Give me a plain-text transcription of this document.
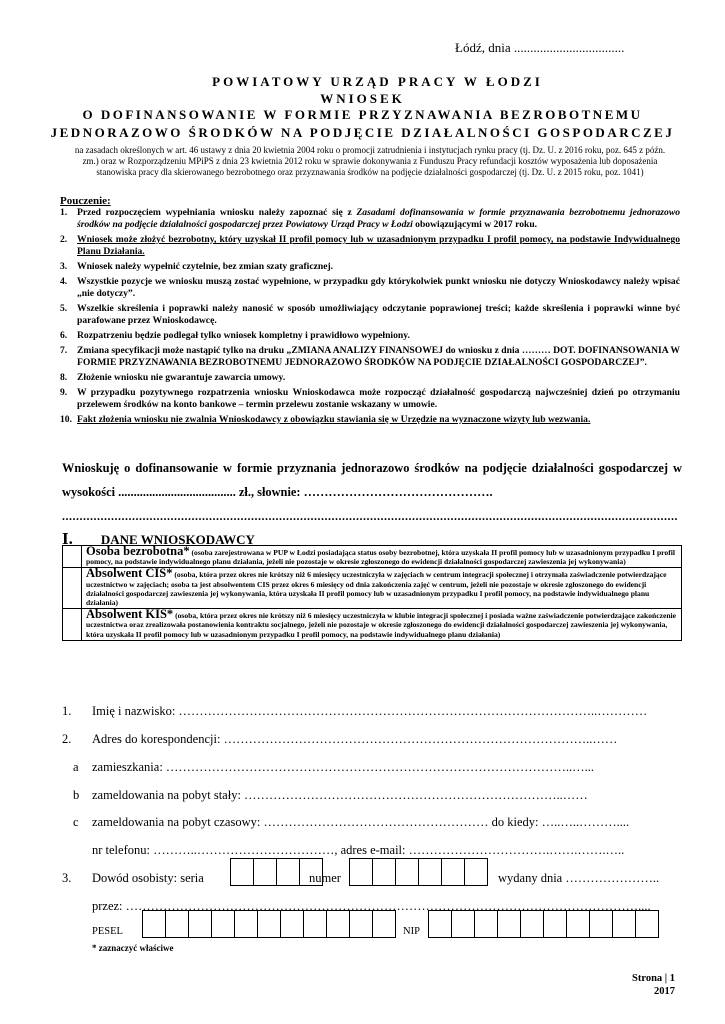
Łódź, dnia ..................................
POWIATOWY URZĄD PRACY W ŁODZI
WNIOSEK
O DOFINANSOWANIE W FORMIE PRZYZNAWANIA BEZROBOTNEMU
JEDNORAZOWO ŚRODKÓW NA PODJĘCIE DZIAŁALNOŚCI GOSPODARCZEJ
na zasadach określonych w art. 46 ustawy z dnia 20 kwietnia 2004 roku o promocji zatrudnienia i instytucjach rynku pracy (tj. Dz. U. z 2016 roku, poz. 645 z późn. zm.) oraz w Rozporządzeniu MPiPS z dnia 23 kwietnia 2012 roku w sprawie dokonywania z Funduszu Pracy refundacji kosztów wyposażenia lub doposażenia stanowiska pracy dla skierowanego bezrobotnego oraz przyznawania środków na podjęcie działalności gospodarczej (tj. Dz. U. z 2015 roku, poz. 1041)
Pouczenie:
1. Przed rozpoczęciem wypełniania wniosku należy zapoznać się z Zasadami dofinansowania w formie przyznawania bezrobotnemu jednorazowo środków na podjęcie działalności gospodarczej przez Powiatowy Urząd Pracy w Łodzi obowiązującymi w 2017 roku.
2. Wniosek może złożyć bezrobotny, który uzyskał II profil pomocy lub w uzasadnionym przypadku I profil pomocy, na podstawie Indywidualnego Planu Działania.
3. Wniosek należy wypełnić czytelnie, bez zmian szaty graficznej.
4. Wszystkie pozycje we wniosku muszą zostać wypełnione, w przypadku gdy którykolwiek punkt wniosku nie dotyczy Wnioskodawcy należy wpisać „nie dotyczy”.
5. Wszelkie skreślenia i poprawki należy nanosić w sposób umożliwiający odczytanie poprawionej treści; każde skreślenia i poprawki winne być parafowane przez Wnioskodawcę.
6. Rozpatrzeniu będzie podlegał tylko wniosek kompletny i prawidłowo wypełniony.
7. Zmiana specyfikacji może nastąpić tylko na druku „ZMIANA ANALIZY FINANSOWEJ do wniosku z dnia ……… DOT. DOFINANSOWANIA W FORMIE PRZYZNAWANIA BEZROBOTNEMU JEDNORAZOWO ŚRODKÓW NA PODJĘCIE DZIAŁALNOŚCI GOSPODARCZEJ”.
8. Złożenie wniosku nie gwarantuje zawarcia umowy.
9. W przypadku pozytywnego rozpatrzenia wniosku Wnioskodawca może rozpocząć działalność gospodarczą najwcześniej dzień po otrzymaniu przelewem środków na konto bankowe – termin przelewu zostanie wskazany w umowie.
10. Fakt złożenia wniosku nie zwalnia Wnioskodawcy z obowiązku stawiania się w Urzędzie na wyznaczone wizyty lub wezwania.
Wnioskuję o dofinansowanie w formie przyznania jednorazowo środków na podjęcie działalności gospodarczej w wysokości ...................................... zł., słownie: ……………………………………….
................................................................................................................................................................................
I. DANE WNIOSKODAWCY
	Osoba bezrobotna* (osoba zarejestrowana w PUP w Łodzi posiadająca status osoby bezrobotnej, która uzyskała II profil pomocy lub w uzasadnionym przypadku I profil pomocy, na podstawie indywidualnego planu działania, jeżeli nie pozostaje w okresie zgłoszonego do ewidencji działalności gospodarczej zawieszenia jej wykonywania)
	Absolwent CIS* (osoba, która przez okres nie krótszy niż 6 miesięcy uczestniczyła w zajęciach w centrum integracji społecznej i otrzymała zaświadczenie potwierdzające uczestnictwo w zajęciach; osoba ta jest absolwentem CIS przez okres 6 miesięcy od dnia zakończenia zajęć w centrum, jeżeli nie pozostaje w okresie zgłoszonego do ewidencji działalności gospodarczej zawieszenia jej wykonywania, która uzyskała II profil pomocy lub w uzasadnionym przypadku I profil pomocy, na podstawie indywidualnego planu działania)
	Absolwent KIS* (osoba, która przez okres nie krótszy niż 6 miesięcy uczestniczyła w klubie integracji społecznej i posiada ważne zaświadczenie potwierdzające zakończenie uczestnictwa oraz zrealizowała postanowienia kontraktu socjalnego, jeżeli nie pozostaje w okresie zgłoszonego do ewidencji działalności gospodarczej zawieszenia jej wykonywania, która uzyskała II profil pomocy lub w uzasadnionym przypadku I profil pomocy, na podstawie indywidualnego planu działania)
1. Imię i nazwisko: ………………………………………………………………………………………..…………
2. Adres do korespondencji: ……………………………………………………………………………..……
a zamieszkania: ……………………………………………………………………………………..…...
b zameldowania na pobyt stały: …………………………………………………………………..……
c zameldowania na pobyt czasowy: ……………………………………………… do kiedy: …..…..………....
nr telefonu: ………..……………………………, adres e-mail: …………………………….…….…….…..
3. Dowód osobisty: seria
				numer
						wydany dnia …………………..
przez: ……………………………………………………………………………………………………………....
PESEL
											NIP

* zaznaczyć właściwe
Strona | 1
2017
